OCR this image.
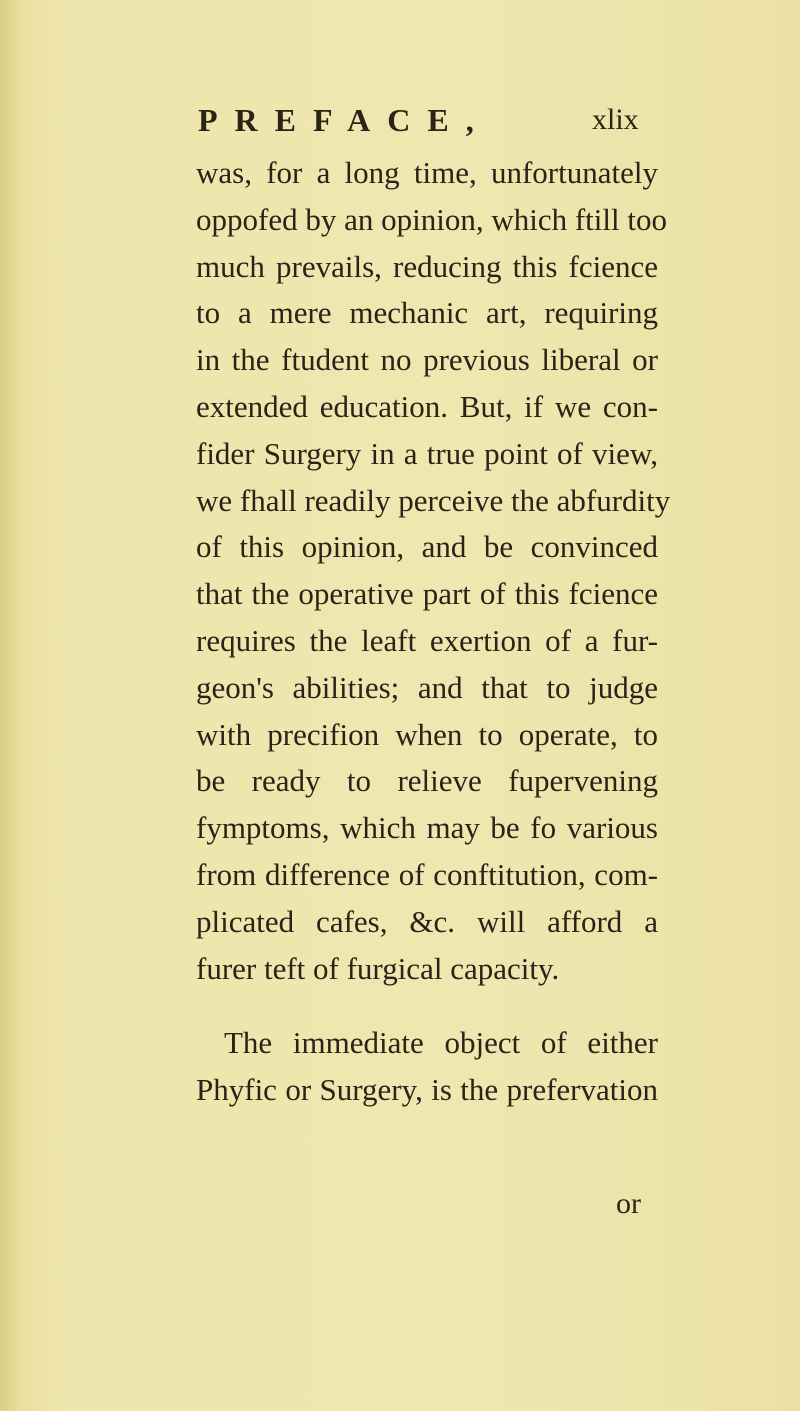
PREFACE,	xlix
was, for a long time, unfortunately
oppofed by an opinion, which ftill too
much prevails, reducing this fcience
to a mere mechanic art, requiring
in the ftudent no previous liberal or
extended education. But, if we con-
fider Surgery in a true point of view,
we fhall readily perceive the abfurdity
of this opinion, and be convinced
that the operative part of this fcience
requires the leaft exertion of a fur-
geon's abilities; and that to judge
with precifion when to operate, to
be ready to relieve fupervening
fymptoms, which may be fo various
from difference of conftitution, com-
plicated cafes, &c. will afford a
furer teft of furgical capacity.
The immediate object of either
Phyfic or Surgery, is the prefervation
or
